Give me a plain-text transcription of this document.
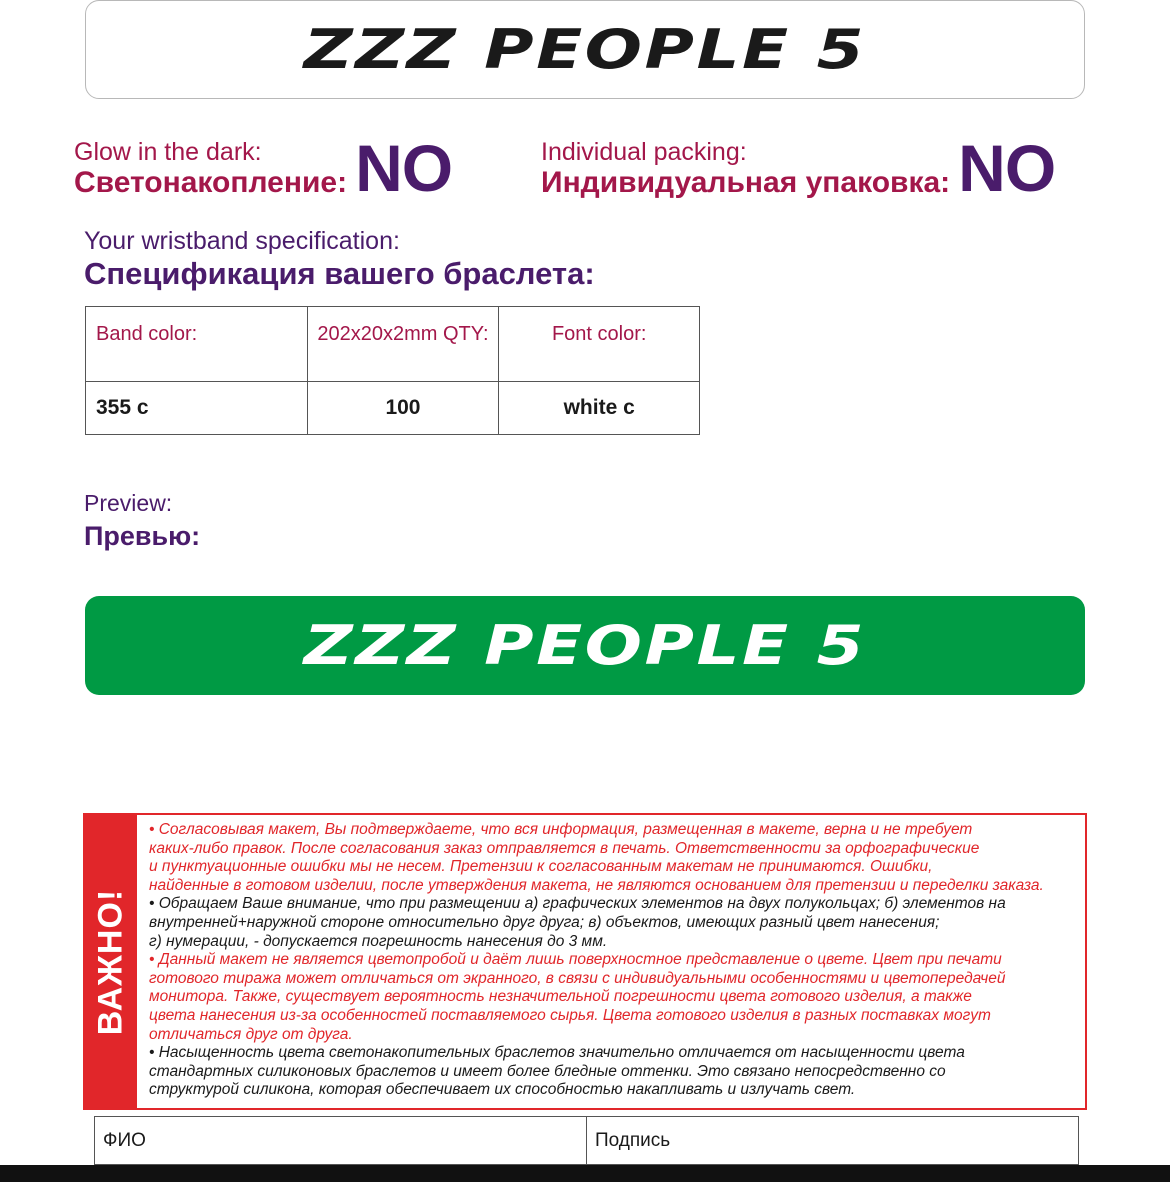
ZZZ PEOPLE 5
Glow in the dark:
Светонакопление: NO	Individual packing:
Индивидуальная упаковка: NO
Your wristband specification:
Спецификация вашего браслета:
Band color:	202x20x2mm QTY:	Font color:
355 c	100	white c
Preview:
Превью:
ZZZ PEOPLE 5
ВАЖНО!

• Согласовывая макет, Вы подтверждаете, что вся информация, размещенная в макете, верна и не требует

каких-либо правок. После согласования заказ отправляется в печать. Ответственности за орфографические

и пунктуационные ошибки мы не несем. Претензии к согласованным макетам не принимаются. Ошибки,

найденные в готовом изделии, после утверждения макета, не являются основанием для претензии и переделки заказа.

• Обращаем Ваше внимание, что при размещении а) графических элементов на двух полукольцах; б) элементов на

внутренней+наружной стороне относительно друг друга; в) объектов, имеющих разный цвет нанесения;

г) нумерации, - допускается погрешность нанесения до 3 мм.

• Данный макет не является цветопробой и даёт лишь поверхностное представление о цвете. Цвет при печати

готового тиража может отличаться от экранного, в связи с индивидуальными особенностями и цветопередачей

монитора. Также, существует вероятность незначительной погрешности цвета готового изделия, а также

цвета нанесения из-за особенностей поставляемого сырья. Цвета готового изделия в разных поставках могут

отличаться друг от друга.

• Насыщенность цвета светонакопительных браслетов значительно отличается от насыщенности цвета

стандартных силиконовых браслетов и имеет более бледные оттенки. Это связано непосредственно со

структурой силикона, которая обеспечивает их способностью накапливать и излучать свет.

ФИО	Подпись
